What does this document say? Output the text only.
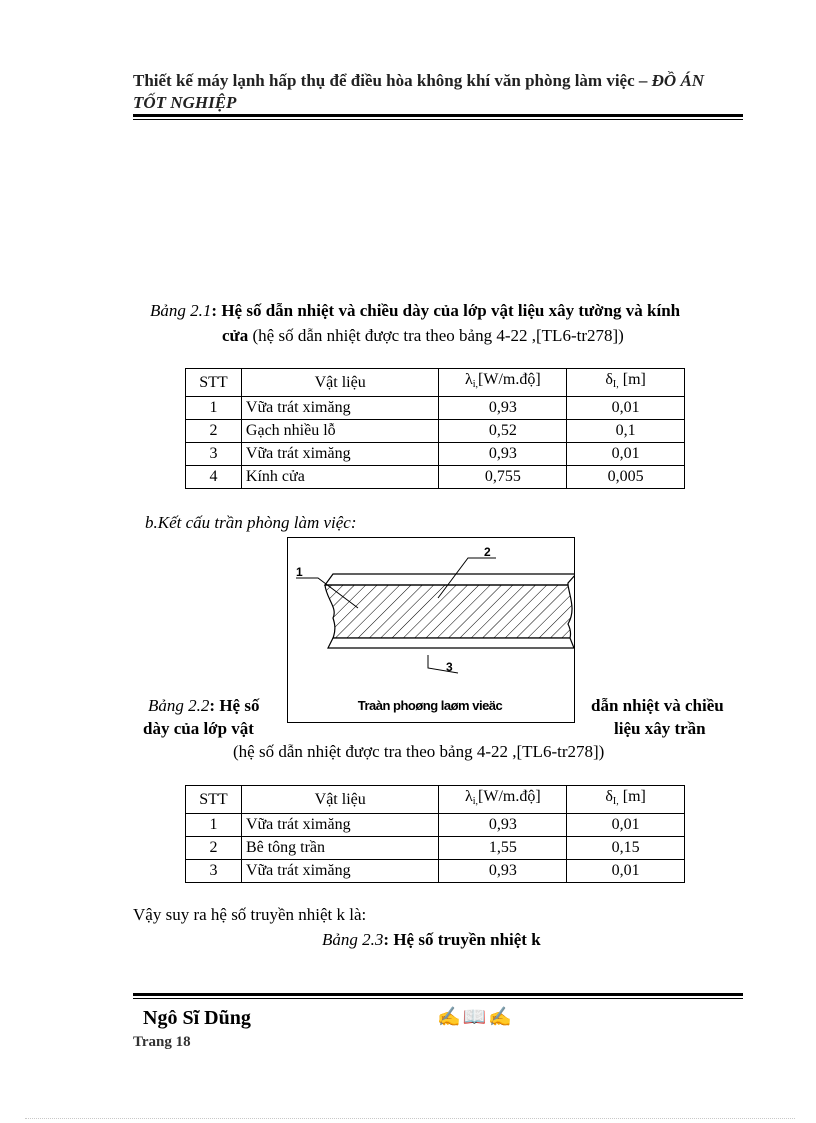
Thiết kế máy lạnh hấp thụ để điều hòa không khí văn phòng làm việc – ĐỒ ÁN
TỐT NGHIỆP
Bảng 2.1: Hệ số dẫn nhiệt và chiều dày của lớp vật liệu xây tường và kính
cửa (hệ số dẫn nhiệt được tra theo bảng 4-22 ,[TL6-tr278])
STT	Vật liệu	$\lambda_{i,}[W/m.độ]$	$\delta_{I,}$ [m]
1	Vữa trát ximăng	0,93	0,01
2	Gạch nhiều lỗ	0,52	0,1
3	Vữa trát ximăng	0,93	0,01
4	Kính cửa	0,755	0,005
b.Kết cấu trần phòng làm việc:
1
2
3
Traàn phoøng laøm vieäc
Bảng 2.2: Hệ số	dẫn nhiệt và chiều
dày của lớp vật	liệu xây trần
(hệ số dẫn nhiệt được tra theo bảng 4-22 ,[TL6-tr278])
STT	Vật liệu	$\lambda_{i,}[W/m.độ]$	$\delta_{I,}$ [m]
1	Vữa trát ximăng	0,93	0,01
2	Bê tông trần	1,55	0,15
3	Vữa trát ximăng	0,93	0,01
Vậy suy ra hệ số truyền nhiệt k là:
Bảng 2.3: Hệ số truyền nhiệt k
Ngô Sĩ Dũng	✍📖✍
Trang 18
